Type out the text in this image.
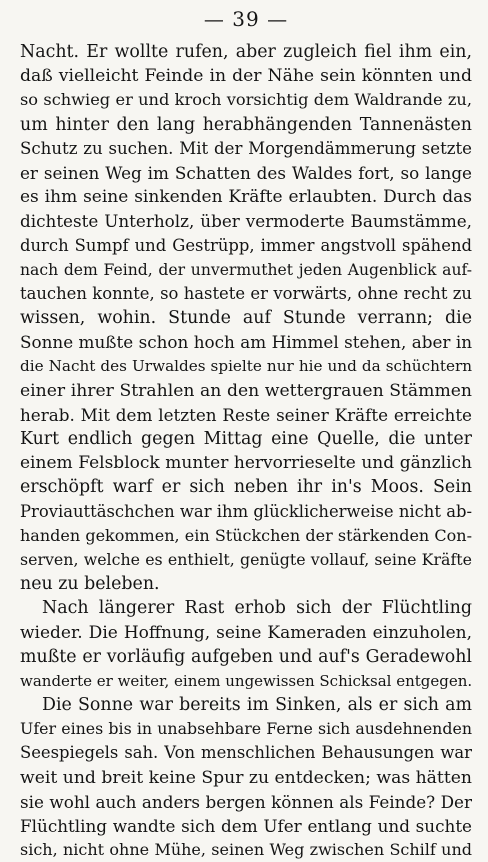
— 39 —
Nacht. Er wollte rufen, aber zugleich fiel ihm ein,
daß vielleicht Feinde in der Nähe sein könnten und
so schwieg er und kroch vorsichtig dem Waldrande zu,
um hinter den lang herabhängenden Tannenästen
Schutz zu suchen. Mit der Morgendämmerung setzte
er seinen Weg im Schatten des Waldes fort, so lange
es ihm seine sinkenden Kräfte erlaubten. Durch das
dichteste Unterholz, über vermoderte Baumstämme,
durch Sumpf und Gestrüpp, immer angstvoll spähend
nach dem Feind, der unvermuthet jeden Augenblick auf-
tauchen konnte, so hastete er vorwärts, ohne recht zu
wissen, wohin. Stunde auf Stunde verrann; die
Sonne mußte schon hoch am Himmel stehen, aber in
die Nacht des Urwaldes spielte nur hie und da schüchtern
einer ihrer Strahlen an den wettergrauen Stämmen
herab. Mit dem letzten Reste seiner Kräfte erreichte
Kurt endlich gegen Mittag eine Quelle, die unter
einem Felsblock munter hervorrieselte und gänzlich
erschöpft warf er sich neben ihr in's Moos. Sein
Proviauttäschchen war ihm glücklicherweise nicht ab-
handen gekommen, ein Stückchen der stärkenden Con-
serven, welche es enthielt, genügte vollauf, seine Kräfte
neu zu beleben.
Nach längerer Rast erhob sich der Flüchtling
wieder. Die Hoffnung, seine Kameraden einzuholen,
mußte er vorläufig aufgeben und auf's Geradewohl
wanderte er weiter, einem ungewissen Schicksal entgegen.
Die Sonne war bereits im Sinken, als er sich am
Ufer eines bis in unabsehbare Ferne sich ausdehnenden
Seespiegels sah. Von menschlichen Behausungen war
weit und breit keine Spur zu entdecken; was hätten
sie wohl auch anders bergen können als Feinde? Der
Flüchtling wandte sich dem Ufer entlang und suchte
sich, nicht ohne Mühe, seinen Weg zwischen Schilf und
